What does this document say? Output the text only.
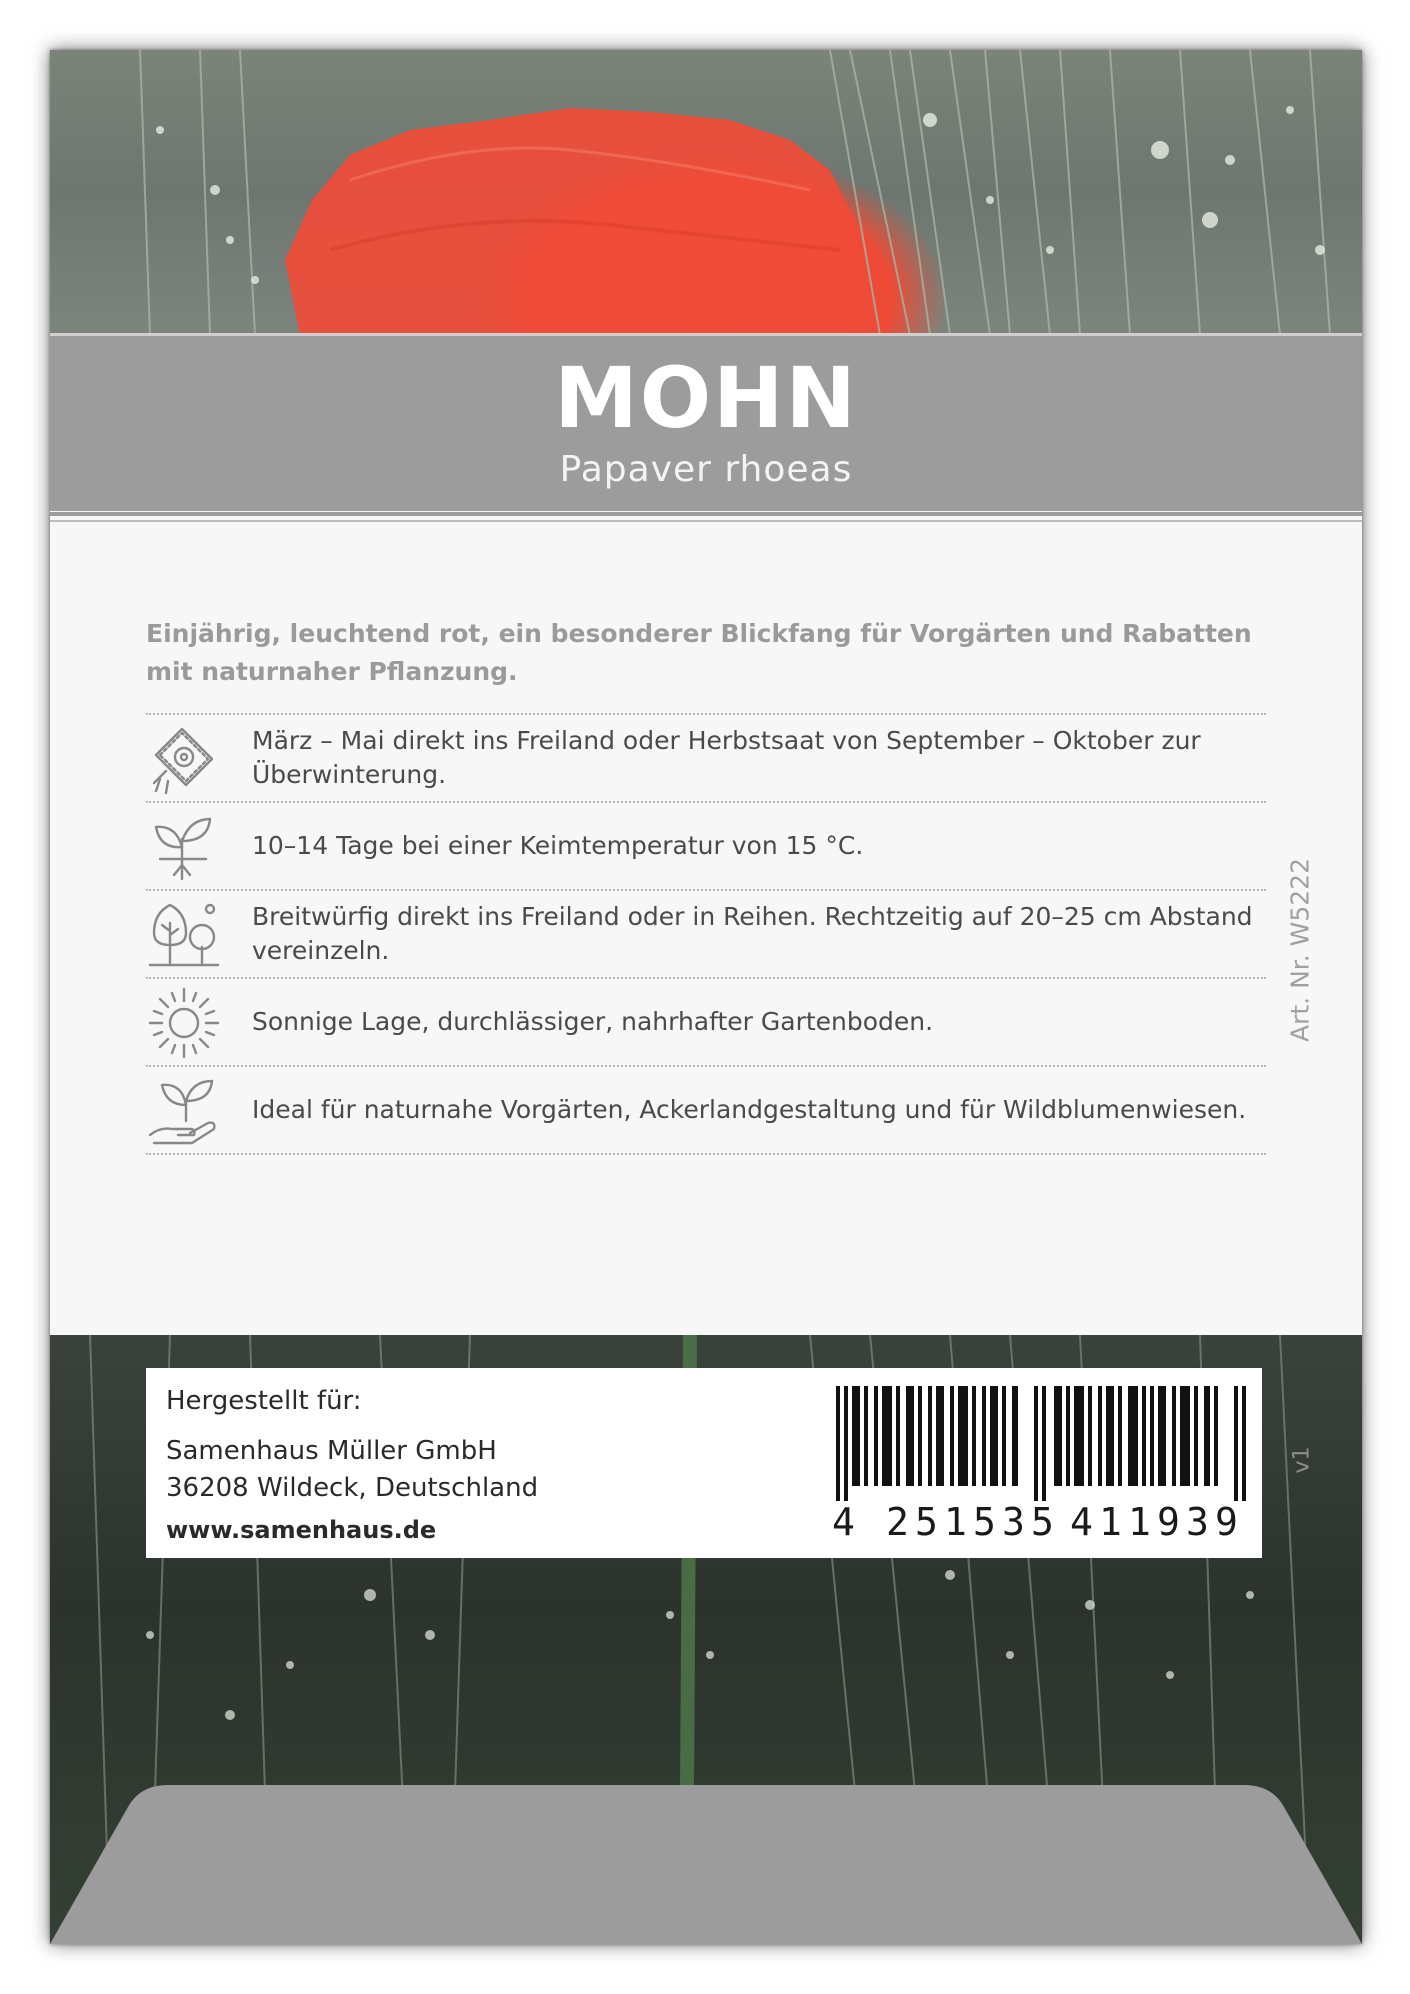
MOHN
Papaver rhoeas
Einjährig, leuchtend rot, ein besonderer Blickfang für Vorgärten und Rabatten mit naturnaher Pflanzung.
März – Mai direkt ins Freiland oder Herbstsaat von September – Oktober zur Überwinterung.
10–14 Tage bei einer Keimtemperatur von 15 °C.
Breitwürfig direkt ins Freiland oder in Reihen. Rechtzeitig auf 20–25 cm Abstand vereinzeln.
Sonnige Lage, durchlässiger, nahrhafter Gartenboden.
Ideal für naturnahe Vorgärten, Ackerlandgestaltung und für Wildblumenwiesen.
Art. Nr. W5222
Hergestellt für:
Samenhaus Müller GmbH
36208 Wildeck, Deutschland
www.samenhaus.de	4 2 5 1 5 3 5 4 1 1 9 3 9
v1
